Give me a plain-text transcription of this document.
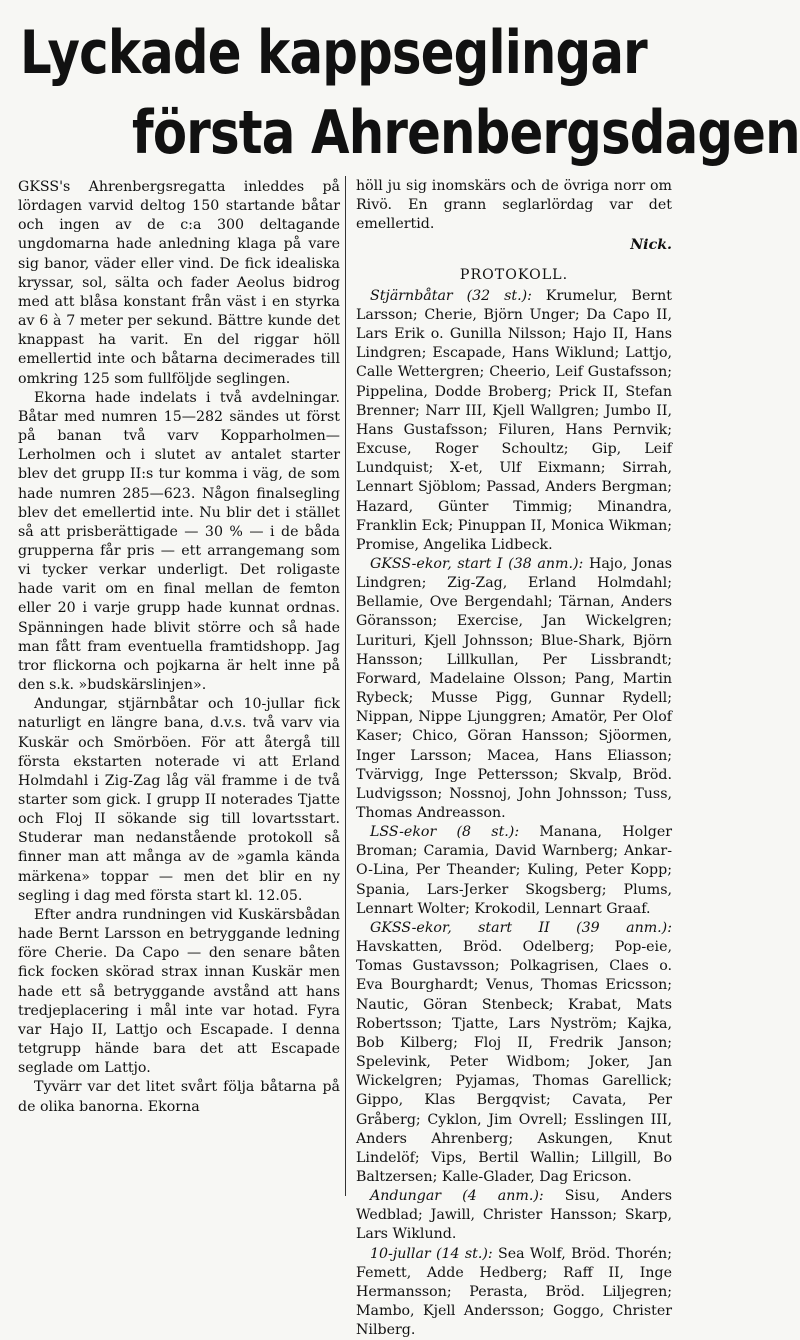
Lyckade kappseglingar
första Ahrenbergsdagen

GKSS's Ahrenbergsregatta inleddes på lördagen varvid deltog 150 startande båtar och ingen av de c:a 300 deltagande ungdomarna hade anledning klaga på vare sig banor, väder eller vind. De fick idealiska kryssar, sol, sälta och fader Aeolus bidrog med att blåsa konstant från väst i en styrka av 6 à 7 meter per sekund. Bättre kunde det knappast ha varit. En del riggar höll emellertid inte och båtarna decimerades till omkring 125 som fullföljde seglingen.

Ekorna hade indelats i två avdelningar. Båtar med numren 15—282 sändes ut först på banan två varv Kopparholmen—Lerholmen och i slutet av antalet starter blev det grupp II:s tur komma i väg, de som hade numren 285—623. Någon finalsegling blev det emellertid inte. Nu blir det i stället så att prisberättigade — 30 % — i de båda grupperna får pris — ett arrangemang som vi tycker verkar underligt. Det roligaste hade varit om en final mellan de femton eller 20 i varje grupp hade kunnat ordnas. Spänningen hade blivit större och så hade man fått fram eventuella framtidshopp. Jag tror flickorna och pojkarna är helt inne på den s.k. »budskärslinjen».

Andungar, stjärnbåtar och 10-jullar fick naturligt en längre bana, d.v.s. två varv via Kuskär och Smörböen. För att återgå till första ekstarten noterade vi att Erland Holmdahl i Zig-Zag låg väl framme i de två starter som gick. I grupp II noterades Tjatte och Floj II sökande sig till lovartsstart. Studerar man nedanstående protokoll så finner man att många av de »gamla kända märkena» toppar — men det blir en ny segling i dag med första start kl. 12.05.

Efter andra rundningen vid Kuskärsbådan hade Bernt Larsson en betryggande ledning före Cherie. Da Capo — den senare båten fick focken skörad strax innan Kuskär men hade ett så betryggande avstånd att hans tredjeplacering i mål inte var hotad. Fyra var Hajo II, Lattjo och Escapade. I denna tetgrupp hände bara det att Escapade seglade om Lattjo.

Tyvärr var det litet svårt följa båtarna på de olika banorna. Ekorna

höll ju sig inomskärs och de övriga norr om Rivö. En grann seglarlördag var det emellertid.

Nick.
PROTOKOLL.

Stjärnbåtar (32 st.): Krumelur, Bernt Larsson; Cherie, Björn Unger; Da Capo II, Lars Erik o. Gunilla Nilsson; Hajo II, Hans Lindgren; Escapade, Hans Wiklund; Lattjo, Calle Wettergren; Cheerio, Leif Gustafsson; Pippelina, Dodde Broberg; Prick II, Stefan Brenner; Narr III, Kjell Wallgren; Jumbo II, Hans Gustafsson; Filuren, Hans Pernvik; Excuse, Roger Schoultz; Gip, Leif Lundquist; X-et, Ulf Eixmann; Sirrah, Lennart Sjöblom; Passad, Anders Bergman; Hazard, Günter Timmig; Minandra, Franklin Eck; Pinuppan II, Monica Wikman; Promise, Angelika Lidbeck.

GKSS-ekor, start I (38 anm.): Hajo, Jonas Lindgren; Zig-Zag, Erland Holmdahl; Bellamie, Ove Bergendahl; Tärnan, Anders Göransson; Exercise, Jan Wickelgren; Lurituri, Kjell Johnsson; Blue-Shark, Björn Hansson; Lillkullan, Per Lissbrandt; Forward, Madelaine Olsson; Pang, Martin Rybeck; Musse Pigg, Gunnar Rydell; Nippan, Nippe Ljunggren; Amatör, Per Olof Kaser; Chico, Göran Hansson; Sjöormen, Inger Larsson; Macea, Hans Eliasson; Tvärvigg, Inge Pettersson; Skvalp, Bröd. Ludvigsson; Nossnoj, John Johnsson; Tuss, Thomas Andreasson.

LSS-ekor (8 st.): Manana, Holger Broman; Caramia, David Warnberg; Ankar-O-Lina, Per Theander; Kuling, Peter Kopp; Spania, Lars-Jerker Skogsberg; Plums, Lennart Wolter; Krokodil, Lennart Graaf.

GKSS-ekor, start II (39 anm.): Havskatten, Bröd. Odelberg; Pop-eie, Tomas Gustavsson; Polkagrisen, Claes o. Eva Bourghardt; Venus, Thomas Ericsson; Nautic, Göran Stenbeck; Krabat, Mats Robertsson; Tjatte, Lars Nyström; Kajka, Bob Kilberg; Floj II, Fredrik Janson; Spelevink, Peter Widbom; Joker, Jan Wickelgren; Pyjamas, Thomas Garellick; Gippo, Klas Bergqvist; Cavata, Per Gråberg; Cyklon, Jim Ovrell; Esslingen III, Anders Ahrenberg; Askungen, Knut Lindelöf; Vips, Bertil Wallin; Lillgill, Bo Baltzersen; Kalle-Glader, Dag Ericson.

Andungar (4 anm.): Sisu, Anders Wedblad; Jawill, Christer Hansson; Skarp, Lars Wiklund.

10-jullar (14 st.): Sea Wolf, Bröd. Thorén; Femett, Adde Hedberg; Raff II, Inge Hermansson; Perasta, Bröd. Liljegren; Mambo, Kjell Andersson; Goggo, Christer Nilberg.
